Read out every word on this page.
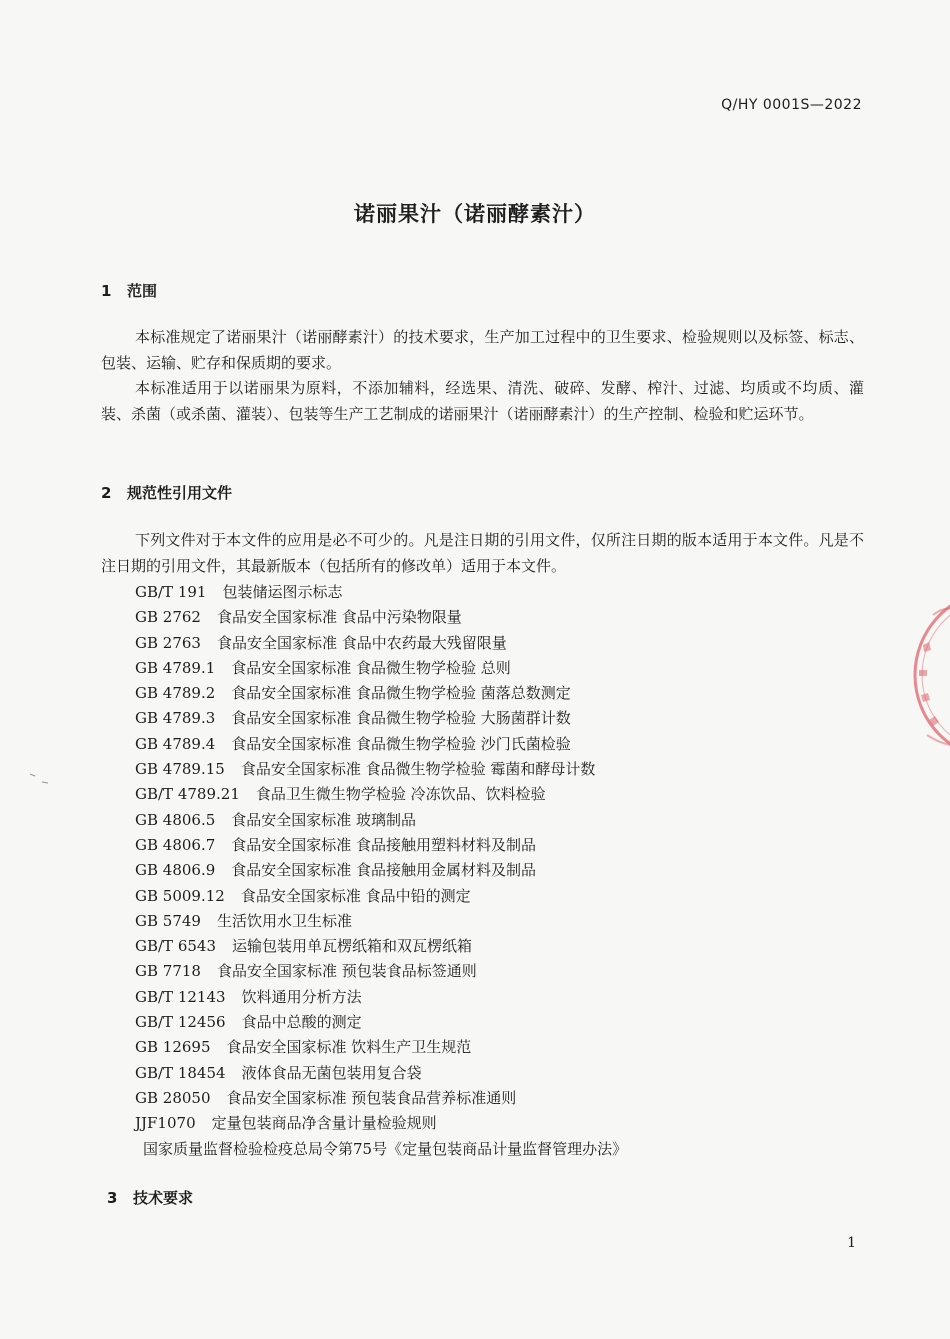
Q/HY 0001S—2022
诺丽果汁（诺丽酵素汁）
1 范围

本标准规定了诺丽果汁（诺丽酵素汁）的技术要求，生产加工过程中的卫生要求、检验规则以及标签、标志、包装、运输、贮存和保质期的要求。

本标准适用于以诺丽果为原料，不添加辅料，经选果、清洗、破碎、发酵、榨汁、过滤、均质或不均质、灌装、杀菌（或杀菌、灌装）、包装等生产工艺制成的诺丽果汁（诺丽酵素汁）的生产控制、检验和贮运环节。

2 规范性引用文件

下列文件对于本文件的应用是必不可少的。凡是注日期的引用文件，仅所注日期的版本适用于本文件。凡是不注日期的引用文件，其最新版本（包括所有的修改单）适用于本文件。

GB/T 191 包装储运图示标志
GB 2762 食品安全国家标准 食品中污染物限量
GB 2763 食品安全国家标准 食品中农药最大残留限量
GB 4789.1 食品安全国家标准 食品微生物学检验 总则
GB 4789.2 食品安全国家标准 食品微生物学检验 菌落总数测定
GB 4789.3 食品安全国家标准 食品微生物学检验 大肠菌群计数
GB 4789.4 食品安全国家标准 食品微生物学检验 沙门氏菌检验
GB 4789.15 食品安全国家标准 食品微生物学检验 霉菌和酵母计数
GB/T 4789.21 食品卫生微生物学检验 冷冻饮品、饮料检验
GB 4806.5 食品安全国家标准 玻璃制品
GB 4806.7 食品安全国家标准 食品接触用塑料材料及制品
GB 4806.9 食品安全国家标准 食品接触用金属材料及制品
GB 5009.12 食品安全国家标准 食品中铅的测定
GB 5749 生活饮用水卫生标准
GB/T 6543 运输包装用单瓦楞纸箱和双瓦楞纸箱
GB 7718 食品安全国家标准 预包装食品标签通则
GB/T 12143 饮料通用分析方法
GB/T 12456 食品中总酸的测定
GB 12695 食品安全国家标准 饮料生产卫生规范
GB/T 18454 液体食品无菌包装用复合袋
GB 28050 食品安全国家标准 预包装食品营养标准通则
JJF1070 定量包装商品净含量计量检验规则
国家质量监督检验检疫总局令第75号《定量包装商品计量监督管理办法》
3 技术要求
1
